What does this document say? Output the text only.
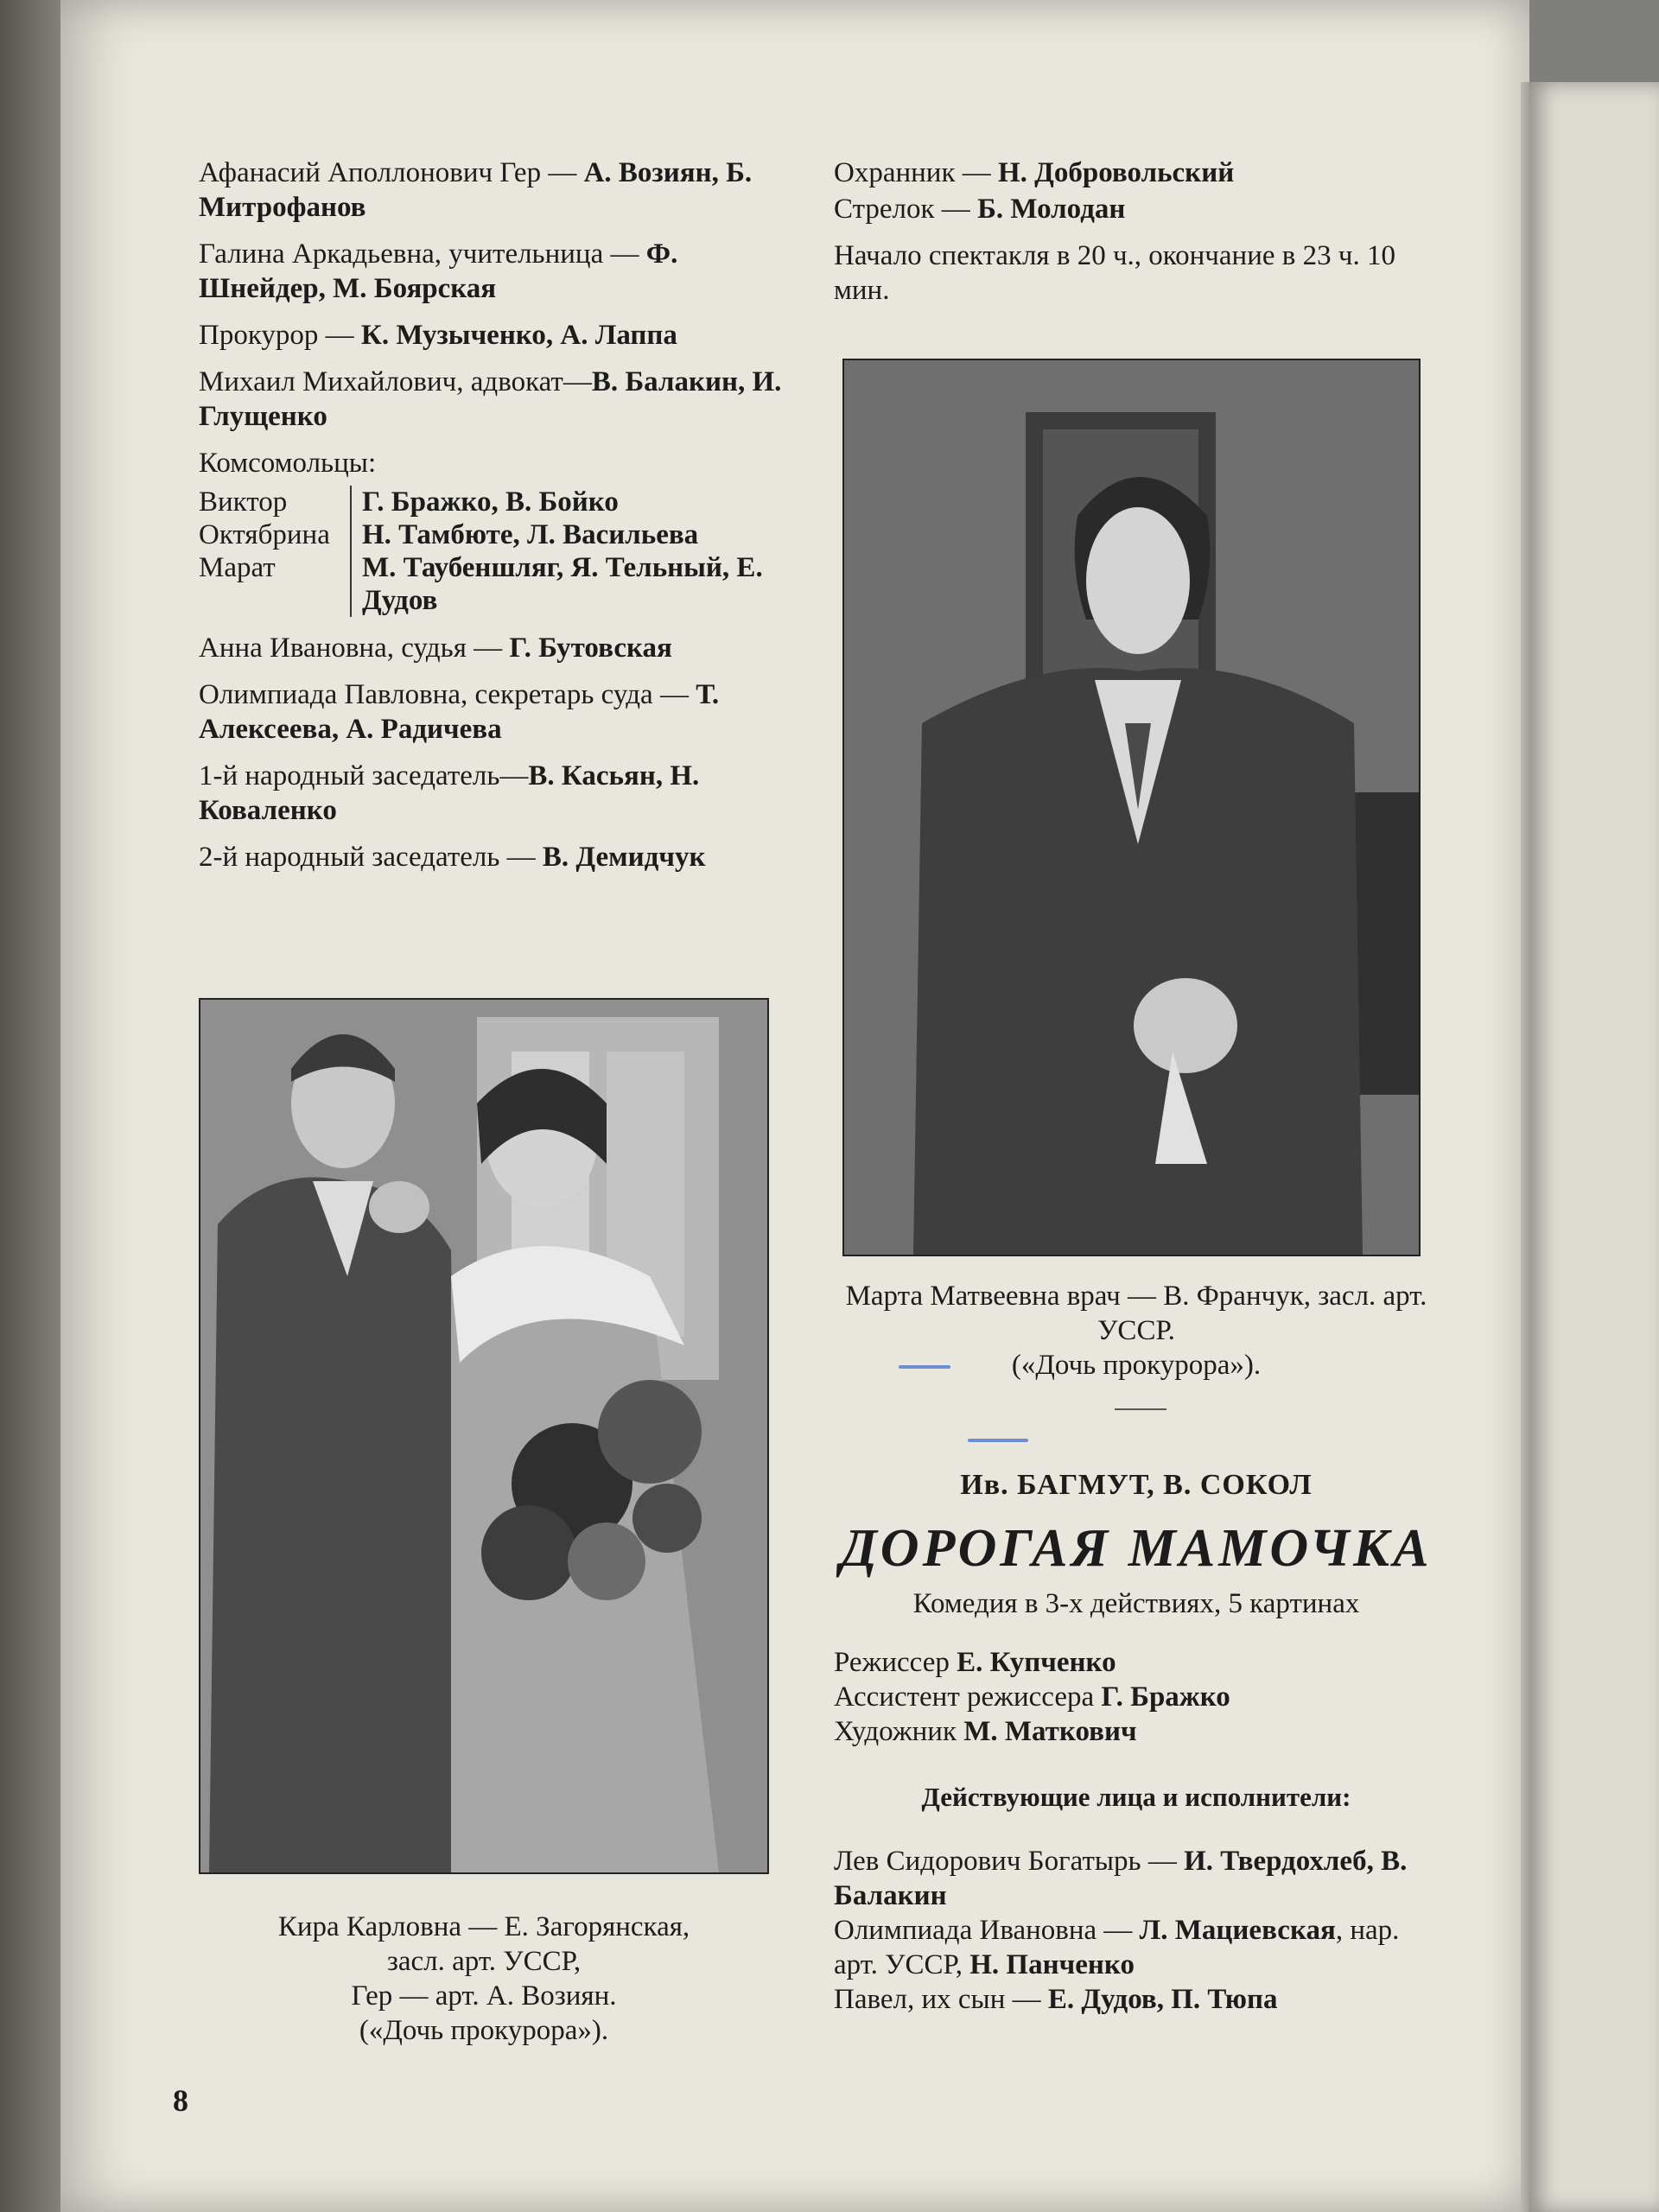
Афанасий Аполлонович Гер — А. Возиян, Б. Митрофанов

Галина Аркадьевна, учительница — Ф. Шнейдер, М. Боярская

Прокурор — К. Музыченко, А. Лаппа

Михаил Михайлович, адвокат—В. Балакин, И. Глущенко

Комсомольцы:

Виктор	Г. Бражко, В. Бойко
Октябрина	Н. Тамбюте, Л. Васильева
Марат	М. Таубеншляг, Я. Тельный, Е. Дудов

Анна Ивановна, судья — Г. Бутовская

Олимпиада Павловна, секретарь суда — Т. Алексеева, А. Радичева

1-й народный заседатель—В. Касьян, Н. Коваленко

2-й народный заседатель — В. Демидчук

Кира Карловна — Е. Загорянская,

засл. арт. УССР,

Гер — арт. А. Возиян.

(«Дочь прокурора»).

Охранник — Н. Добровольский

Стрелок — Б. Молодан

Начало спектакля в 20 ч., окончание в 23 ч. 10 мин.

Марта Матвеевна врач — В. Франчук, засл. арт. УССР.

(«Дочь прокурора»).

Ив. БАГМУТ, В. СОКОЛ

ДОРОГАЯ МАМОЧКА

Комедия в 3-х действиях, 5 картинах

Режиссер Е. Купченко

Ассистент режиссера Г. Бражко

Художник М. Маткович

Действующие лица и исполнители:

Лев Сидорович Богатырь — И. Твердохлеб, В. Балакин

Олимпиада Ивановна — Л. Мациевская, нар. арт. УССР, Н. Панченко

Павел, их сын — Е. Дудов, П. Тюпа

8
